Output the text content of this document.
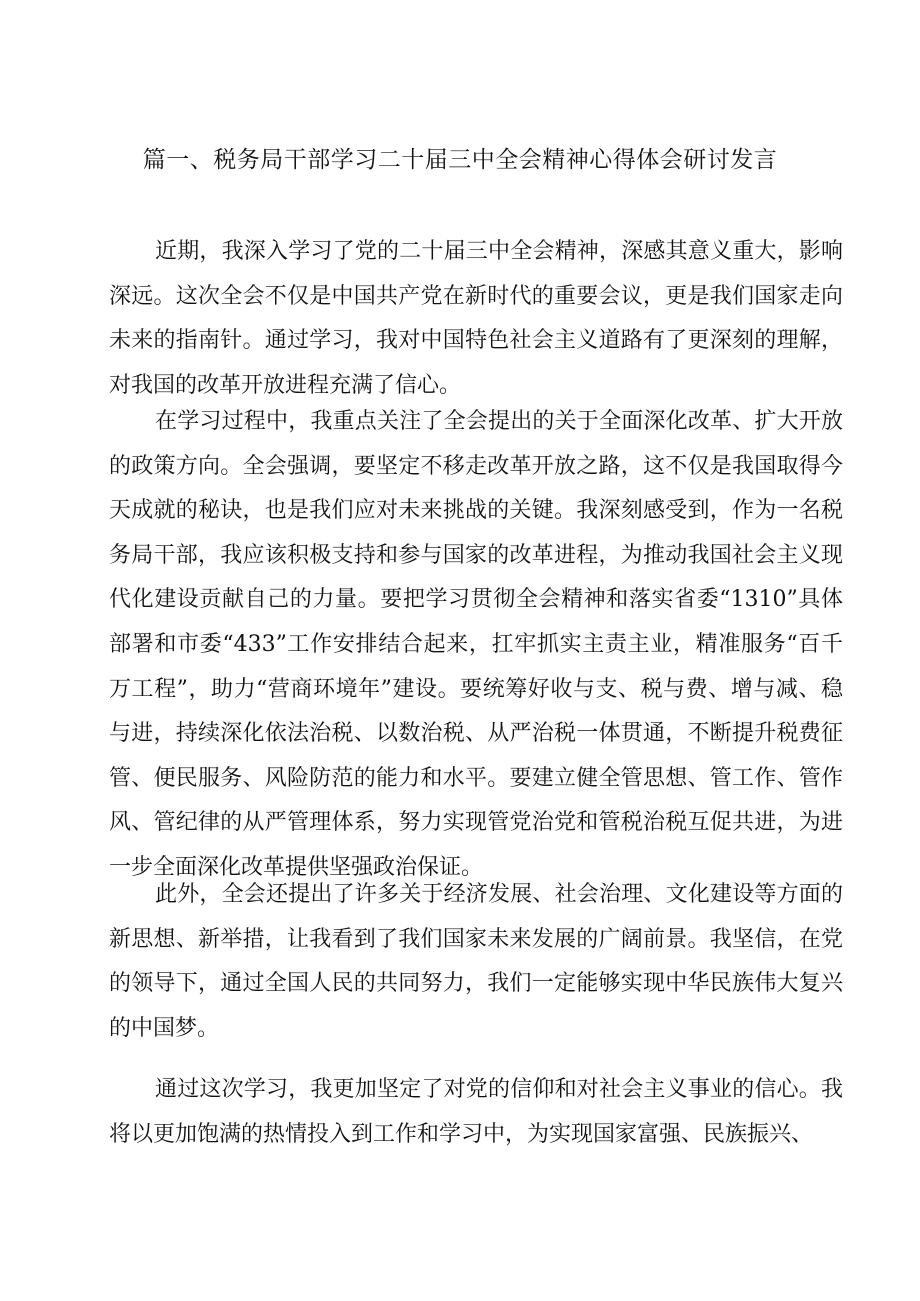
篇一、税务局干部学习二十届三中全会精神心得体会研讨发言

近期，我深入学习了党的二十届三中全会精神，深感其意义重大，影响深远。这次全会不仅是中国共产党在新时代的重要会议，更是我们国家走向未来的指南针。通过学习，我对中国特色社会主义道路有了更深刻的理解，对我国的改革开放进程充满了信心。

在学习过程中，我重点关注了全会提出的关于全面深化改革、扩大开放的政策方向。全会强调，要坚定不移走改革开放之路，这不仅是我国取得今天成就的秘诀，也是我们应对未来挑战的关键。我深刻感受到，作为一名税务局干部，我应该积极支持和参与国家的改革进程，为推动我国社会主义现代化建设贡献自己的力量。要把学习贯彻全会精神和落实省委“1310”具体部署和市委“433”工作安排结合起来，扛牢抓实主责主业，精准服务“百千万工程”，助力“营商环境年”建设。要统筹好收与支、税与费、增与减、稳与进，持续深化依法治税、以数治税、从严治税一体贯通，不断提升税费征管、便民服务、风险防范的能力和水平。要建立健全管思想、管工作、管作风、管纪律的从严管理体系，努力实现管党治党和管税治税互促共进，为进一步全面深化改革提供坚强政治保证。

此外，全会还提出了许多关于经济发展、社会治理、文化建设等方面的新思想、新举措，让我看到了我们国家未来发展的广阔前景。我坚信，在党的领导下，通过全国人民的共同努力，我们一定能够实现中华民族伟大复兴的中国梦。

通过这次学习，我更加坚定了对党的信仰和对社会主义事业的信心。我将以更加饱满的热情投入到工作和学习中，为实现国家富强、民族振兴、
